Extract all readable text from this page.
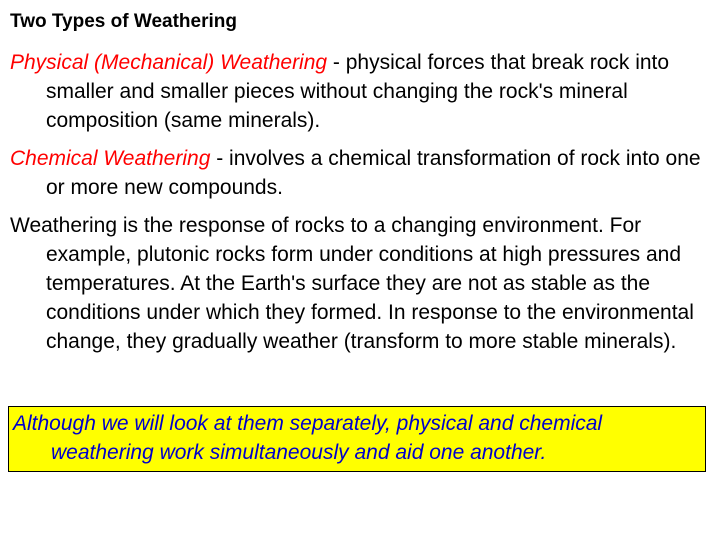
Two Types of Weathering

Physical (Mechanical) Weathering - physical forces that break rock into smaller and smaller pieces without changing the rock's mineral composition (same minerals).

Chemical Weathering - involves a chemical transformation of rock into one or more new compounds.

Weathering is the response of rocks to a changing environment. For example, plutonic rocks form under conditions at high pressures and temperatures. At the Earth's surface they are not as stable as the conditions under which they formed. In response to the environmental change, they gradually weather (transform to more stable minerals).

Although we will look at them separately, physical and chemical weathering work simultaneously and aid one another.
